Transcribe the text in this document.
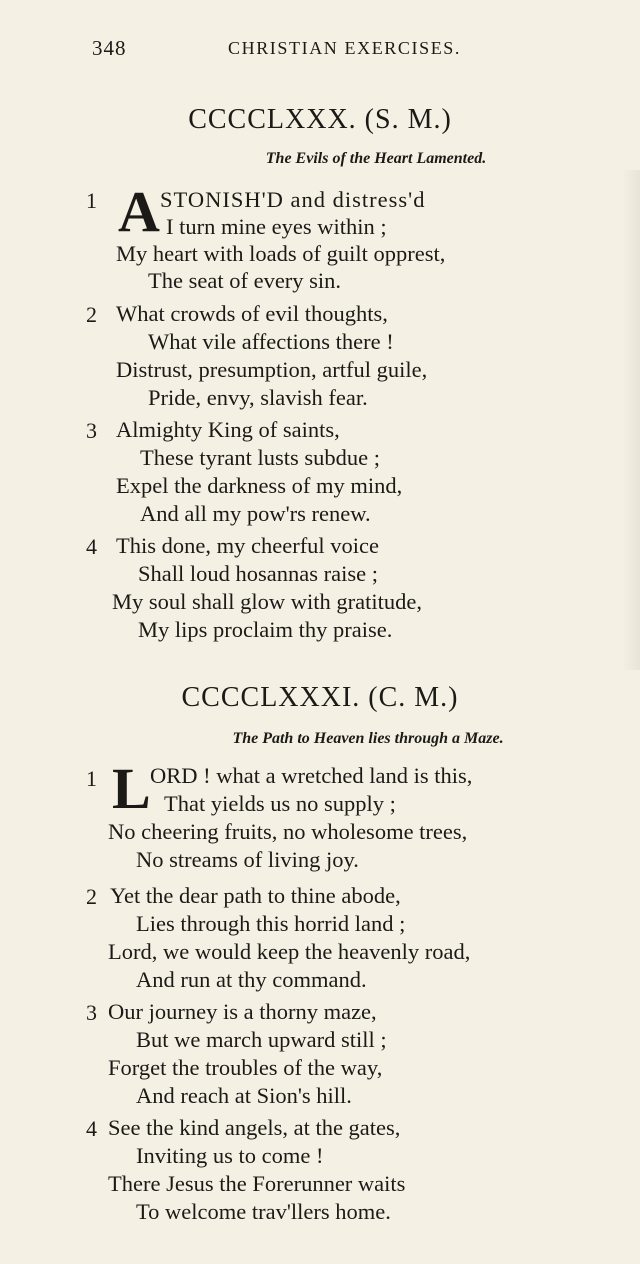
348	CHRISTIAN EXERCISES.
CCCCLXXX. (S. M.)
The Evils of the Heart Lamented.
1 A STONISH'D and distress'd
I turn mine eyes within ;
My heart with loads of guilt opprest,
The seat of every sin.
2 What crowds of evil thoughts,
What vile affections there !
Distrust, presumption, artful guile,
Pride, envy, slavish fear.
3 Almighty King of saints,
These tyrant lusts subdue ;
Expel the darkness of my mind,
And all my pow'rs renew.
4 This done, my cheerful voice
Shall loud hosannas raise ;
My soul shall glow with gratitude,
My lips proclaim thy praise.
CCCCLXXXI. (C. M.)
The Path to Heaven lies through a Maze.
1 L ORD ! what a wretched land is this,
That yields us no supply ;
No cheering fruits, no wholesome trees,
No streams of living joy.
2 Yet the dear path to thine abode,
Lies through this horrid land ;
Lord, we would keep the heavenly road,
And run at thy command.
3 Our journey is a thorny maze,
But we march upward still ;
Forget the troubles of the way,
And reach at Sion's hill.
4 See the kind angels, at the gates,
Inviting us to come !
There Jesus the Forerunner waits
To welcome trav'llers home.
